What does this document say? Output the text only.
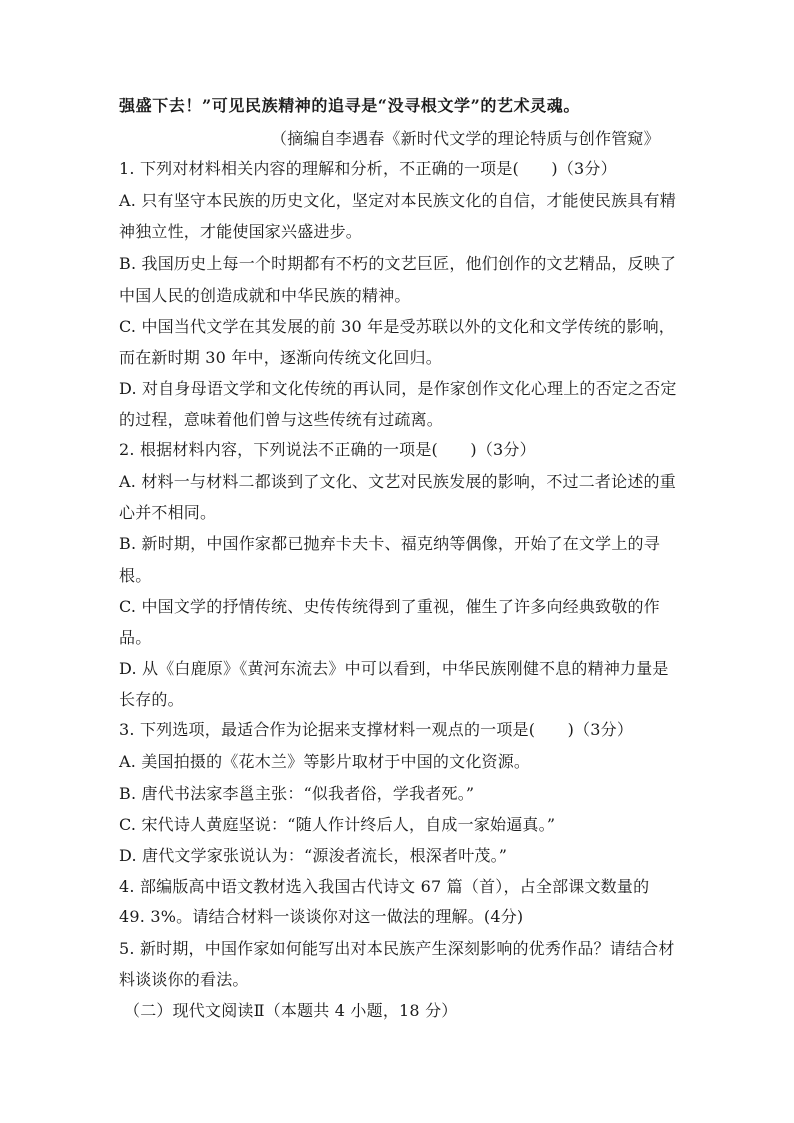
强盛下去！”可见民族精神的追寻是“没寻根文学”的艺术灵魂。
（摘编自李遇春《新时代文学的理论特质与创作管窥》
1. 下列对材料相关内容的理解和分析，不正确的一项是(　　)（3分）
A. 只有坚守本民族的历史文化，坚定对本民族文化的自信，才能使民族具有精
神独立性，才能使国家兴盛进步。
B. 我国历史上每一个时期都有不朽的文艺巨匠，他们创作的文艺精品，反映了
中国人民的创造成就和中华民族的精神。
C. 中国当代文学在其发展的前 30 年是受苏联以外的文化和文学传统的影响，
而在新时期 30 年中，逐渐向传统文化回归。
D. 对自身母语文学和文化传统的再认同，是作家创作文化心理上的否定之否定
的过程，意味着他们曾与这些传统有过疏离。
2. 根据材料内容，下列说法不正确的一项是(　　)（3分）
A. 材料一与材料二都谈到了文化、文艺对民族发展的影响，不过二者论述的重
心并不相同。
B. 新时期，中国作家都已抛弃卡夫卡、福克纳等偶像，开始了在文学上的寻
根。
C. 中国文学的抒情传统、史传传统得到了重视，催生了许多向经典致敬的作
品。
D. 从《白鹿原》《黄河东流去》中可以看到，中华民族刚健不息的精神力量是
长存的。
3. 下列选项，最适合作为论据来支撑材料一观点的一项是(　　)（3分）
A. 美国拍摄的《花木兰》等影片取材于中国的文化资源。
B. 唐代书法家李邕主张：“似我者俗，学我者死。”
C. 宋代诗人黄庭坚说：“随人作计终后人，自成一家始逼真。”
D. 唐代文学家张说认为：“源浚者流长，根深者叶茂。”
4. 部编版高中语文教材选入我国古代诗文 67 篇（首），占全部课文数量的
49. 3%。请结合材料一谈谈你对这一做法的理解。(4分)
5. 新时期，中国作家如何能写出对本民族产生深刻影响的优秀作品？请结合材
料谈谈你的看法。
（二）现代文阅读Ⅱ（本题共 4 小题，18 分）
